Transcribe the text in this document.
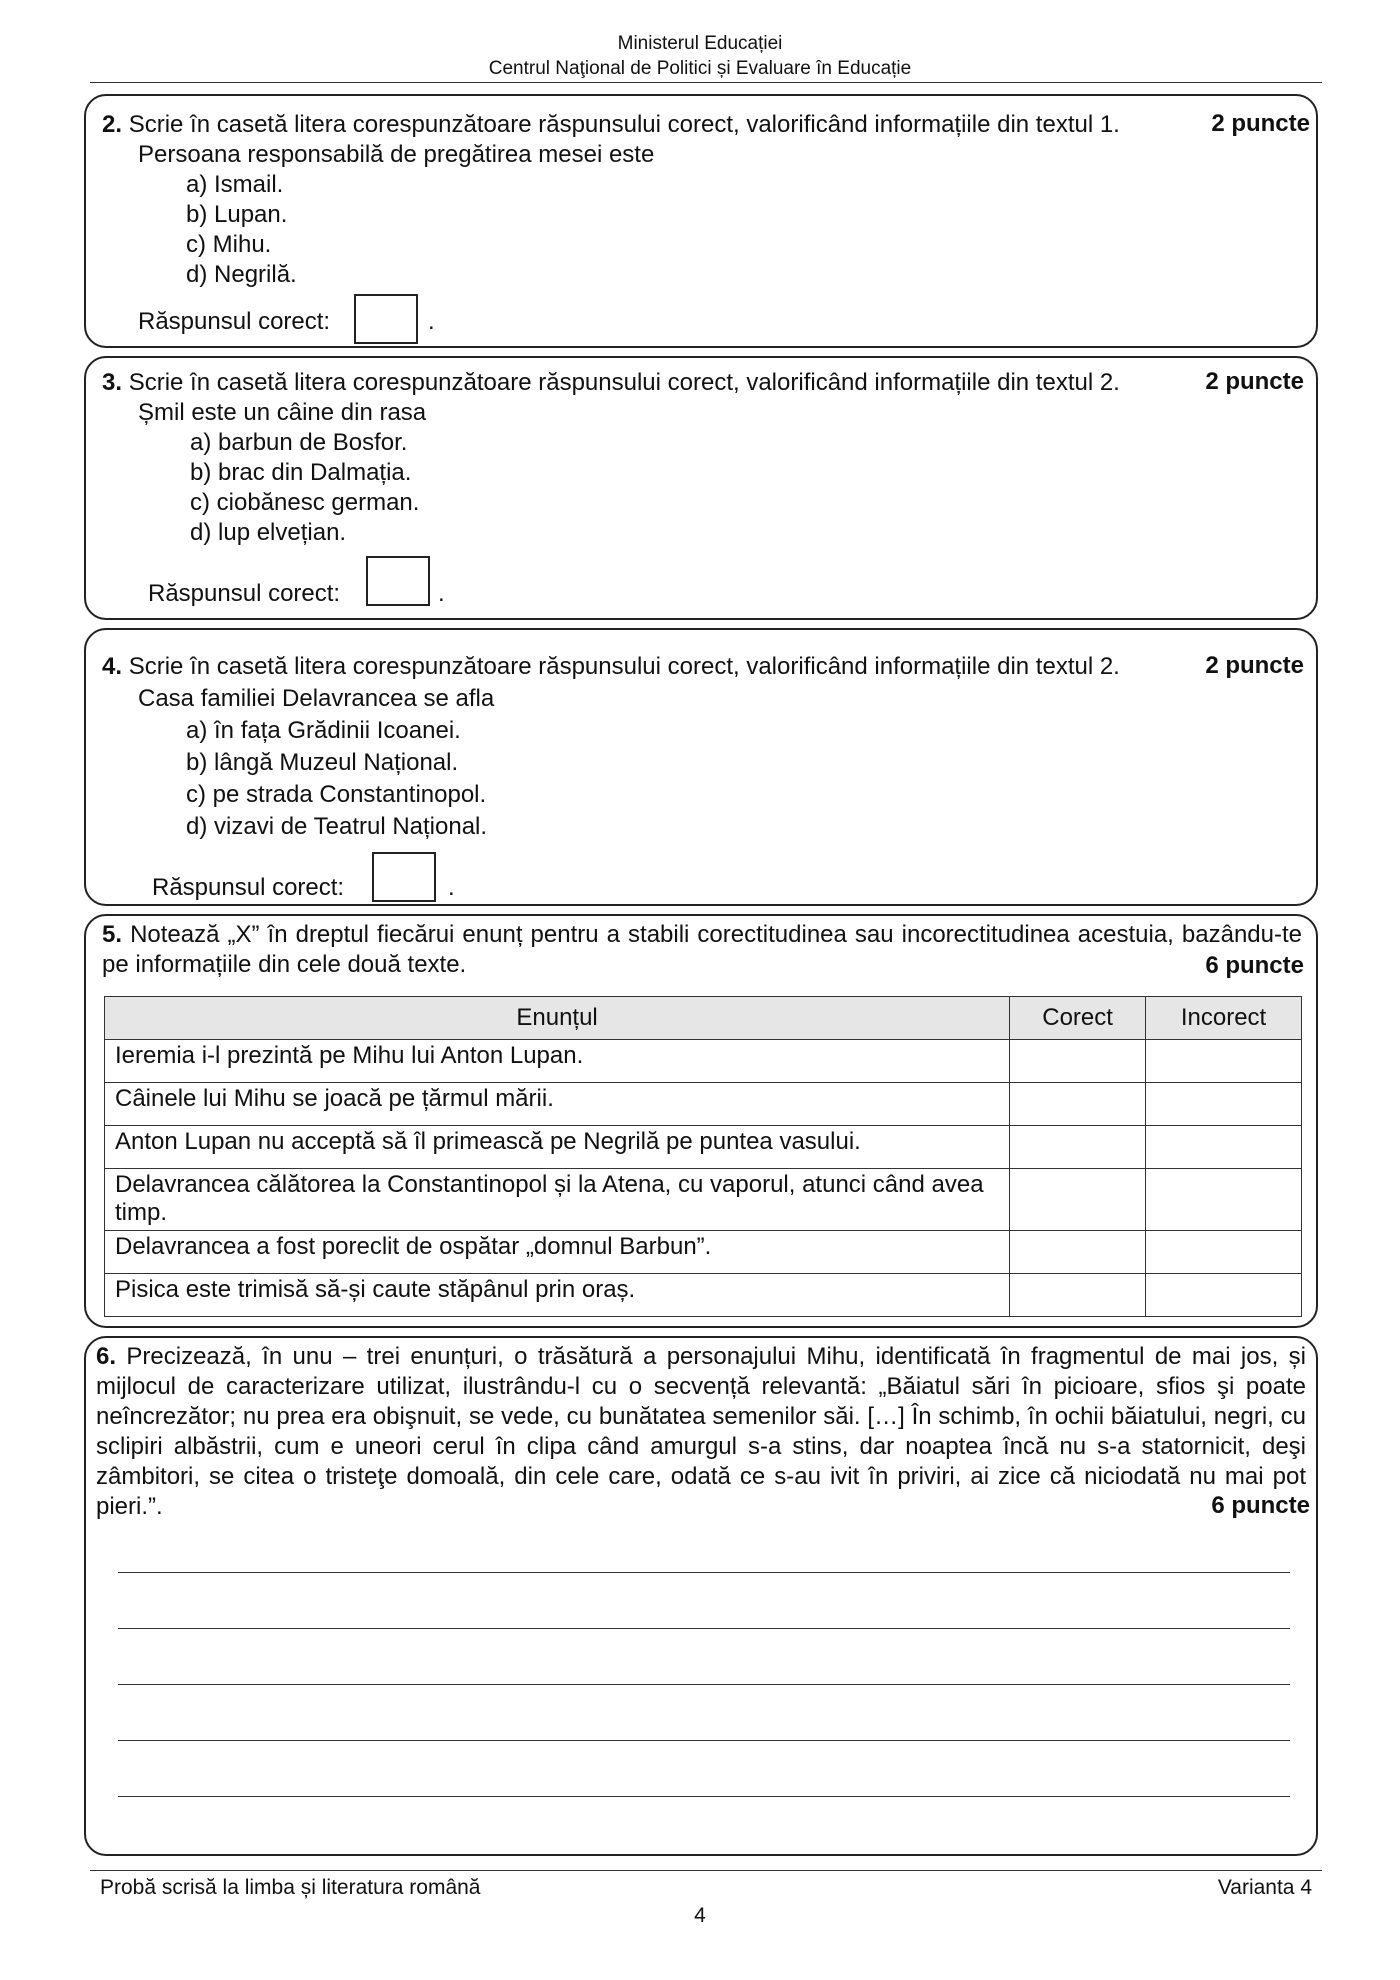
Ministerul Educației
Centrul Naţional de Politici și Evaluare în Educație
2. Scrie în casetă litera corespunzătoare răspunsului corect, valorificând informațiile din textul 1.	2 puncte
Persoana responsabilă de pregătirea mesei este
a) Ismail.
b) Lupan.
c) Mihu.
d) Negrilă.
Răspunsul corect:	.
3. Scrie în casetă litera corespunzătoare răspunsului corect, valorificând informațiile din textul 2.	2 puncte
Șmil este un câine din rasa
a) barbun de Bosfor.
b) brac din Dalmația.
c) ciobănesc german.
d) lup elvețian.
Răspunsul corect:	.
4. Scrie în casetă litera corespunzătoare răspunsului corect, valorificând informațiile din textul 2.	2 puncte
Casa familiei Delavrancea se afla
a) în fața Grădinii Icoanei.
b) lângă Muzeul Național.
c) pe strada Constantinopol.
d) vizavi de Teatrul Național.
Răspunsul corect:	.
5. Notează „X” în dreptul fiecărui enunț pentru a stabili corectitudinea sau incorectitudinea acestuia, bazându-te pe informațiile din cele două texte.	6 puncte
Enunțul	Corect	Incorect
Ieremia i-l prezintă pe Mihu lui Anton Lupan.		
Câinele lui Mihu se joacă pe țărmul mării.		
Anton Lupan nu acceptă să îl primească pe Negrilă pe puntea vasului.		
Delavrancea călătorea la Constantinopol și la Atena, cu vaporul, atunci când avea timp.		
Delavrancea a fost poreclit de ospătar „domnul Barbun”.		
Pisica este trimisă să-și caute stăpânul prin oraș.		
6. Precizează, în unu – trei enunțuri, o trăsătură a personajului Mihu, identificată în fragmentul de mai jos, și mijlocul de caracterizare utilizat, ilustrându-l cu o secvență relevantă: „Băiatul sări în picioare, sfios şi poate neîncrezător; nu prea era obişnuit, se vede, cu bunătatea semenilor săi. […] În schimb, în ochii băiatului, negri, cu sclipiri albăstrii, cum e uneori cerul în clipa când amurgul s-a stins, dar noaptea încă nu s-a statornicit, deşi zâmbitori, se citea o tristeţe domoală, din cele care, odată ce s-au ivit în priviri, ai zice că niciodată nu mai pot pieri.”.	6 puncte
Probă scrisă la limba și literatura română	Varianta 4
4
